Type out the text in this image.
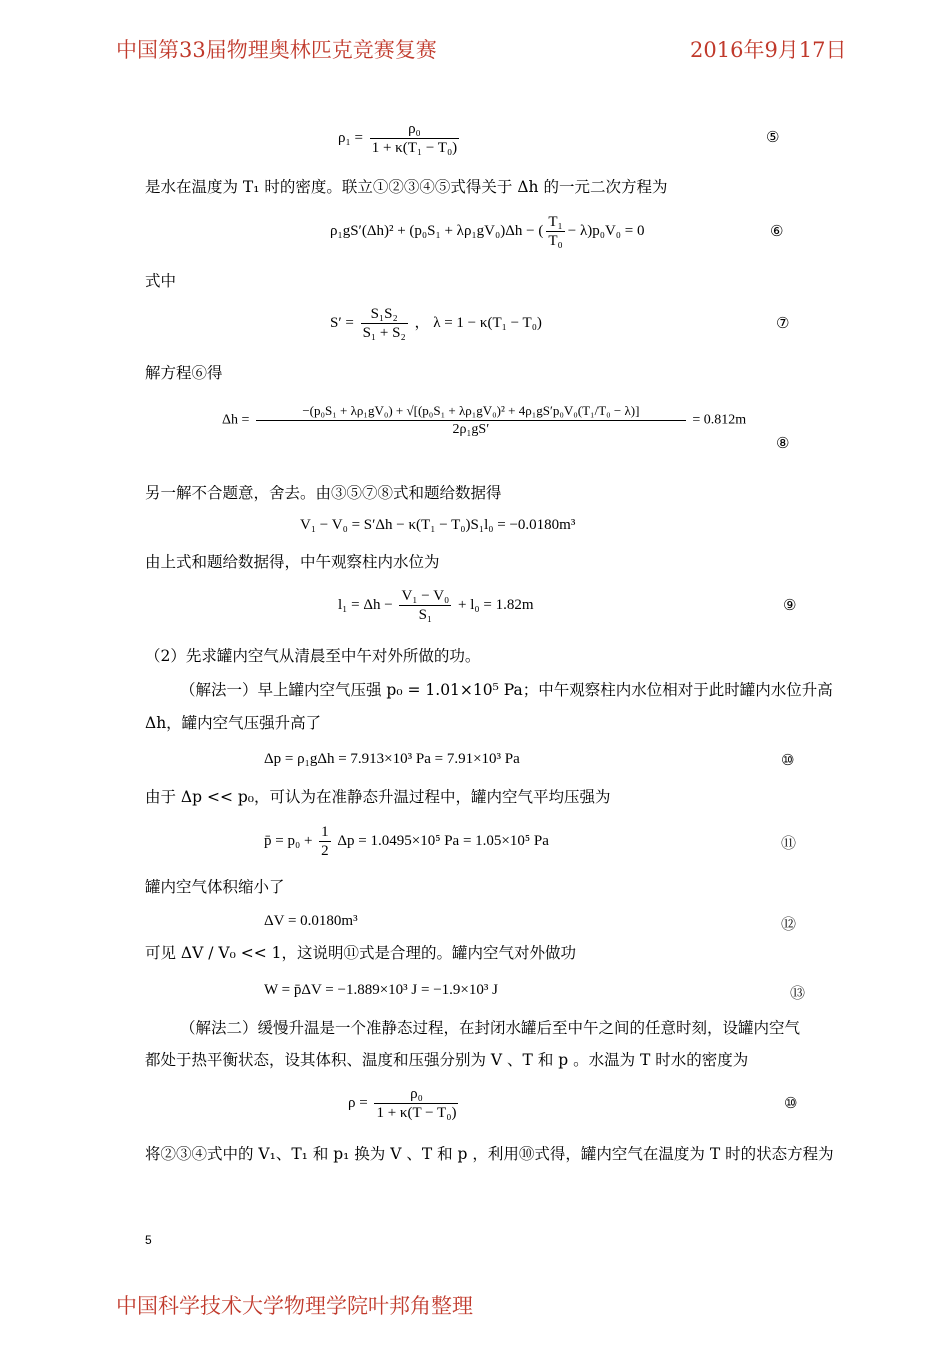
中国第33届物理奥林匹克竞赛复赛	2016年9月17日
$\rho_1 = \frac{\text{ρ₀}}{\text{1 + κ(T₁ − T₀)}}$	⑤
是水在温度为 T₁ 时的密度。联立①②③④⑤式得关于 Δh 的一元二次方程为
ρ₁gS′(Δh)² + (p₀S₁ + λρ₁gV₀)Δh − ( $\frac{\text{T₁}}{\text{T₀}} - \lambda)p_0V_0 = 0$	⑥
式中
$S' = \frac{\text{S₁S₂}}{\text{S₁ + S₂}}$ ， λ = 1 − κ(T₁ − T₀)	⑦
解方程⑥得
Δh =
−(p₀S₁ + λρ₁gV₀) + √[(p₀S₁ + λρ₁gV₀)² + 4ρ₁gS′p₀V₀(T₁/T₀ − λ)]
2ρ₁gS′
= 0.812m
⑧
另一解不合题意，舍去。由③⑤⑦⑧式和题给数据得
V₁ − V₀ = S′Δh − κ(T₁ − T₀)S₁l₀ = −0.0180m³
由上式和题给数据得，中午观察柱内水位为
$l_1 = \Delta h - \frac{\text{V₁ − V₀}}{\text{S₁}} + l_0 = 1.82m$	⑨
（2）先求罐内空气从清晨至中午对外所做的功。
（解法一）早上罐内空气压强 p₀ = 1.01×10⁵ Pa；中午观察柱内水位相对于此时罐内水位升高
Δh，罐内空气压强升高了
Δp = ρ₁gΔh = 7.913×10³ Pa = 7.91×10³ Pa	⑩
由于 Δp << p₀，可认为在准静态升温过程中，罐内空气平均压强为
p̄ = $p_0 + \frac{1}{2}$ Δp = 1.0495×10⁵ Pa = 1.05×10⁵ Pa	⑪
罐内空气体积缩小了
ΔV = 0.0180m³	⑫
可见 ΔV / V₀ << 1，这说明⑪式是合理的。罐内空气对外做功
W = p̄ΔV = −1.889×10³ J = −1.9×10³ J	⑬
（解法二）缓慢升温是一个准静态过程，在封闭水罐后至中午之间的任意时刻，设罐内空气
都处于热平衡状态，设其体积、温度和压强分别为 V 、T 和 p 。水温为 T 时水的密度为
$\rho = \frac{\text{ρ₀}}{\text{1 + κ(T − T₀)}}$	⑩
将②③④式中的 V₁、T₁ 和 p₁ 换为 V 、T 和 p ，利用⑩式得，罐内空气在温度为 T 时的状态方程为
5
中国科学技术大学物理学院叶邦角整理
